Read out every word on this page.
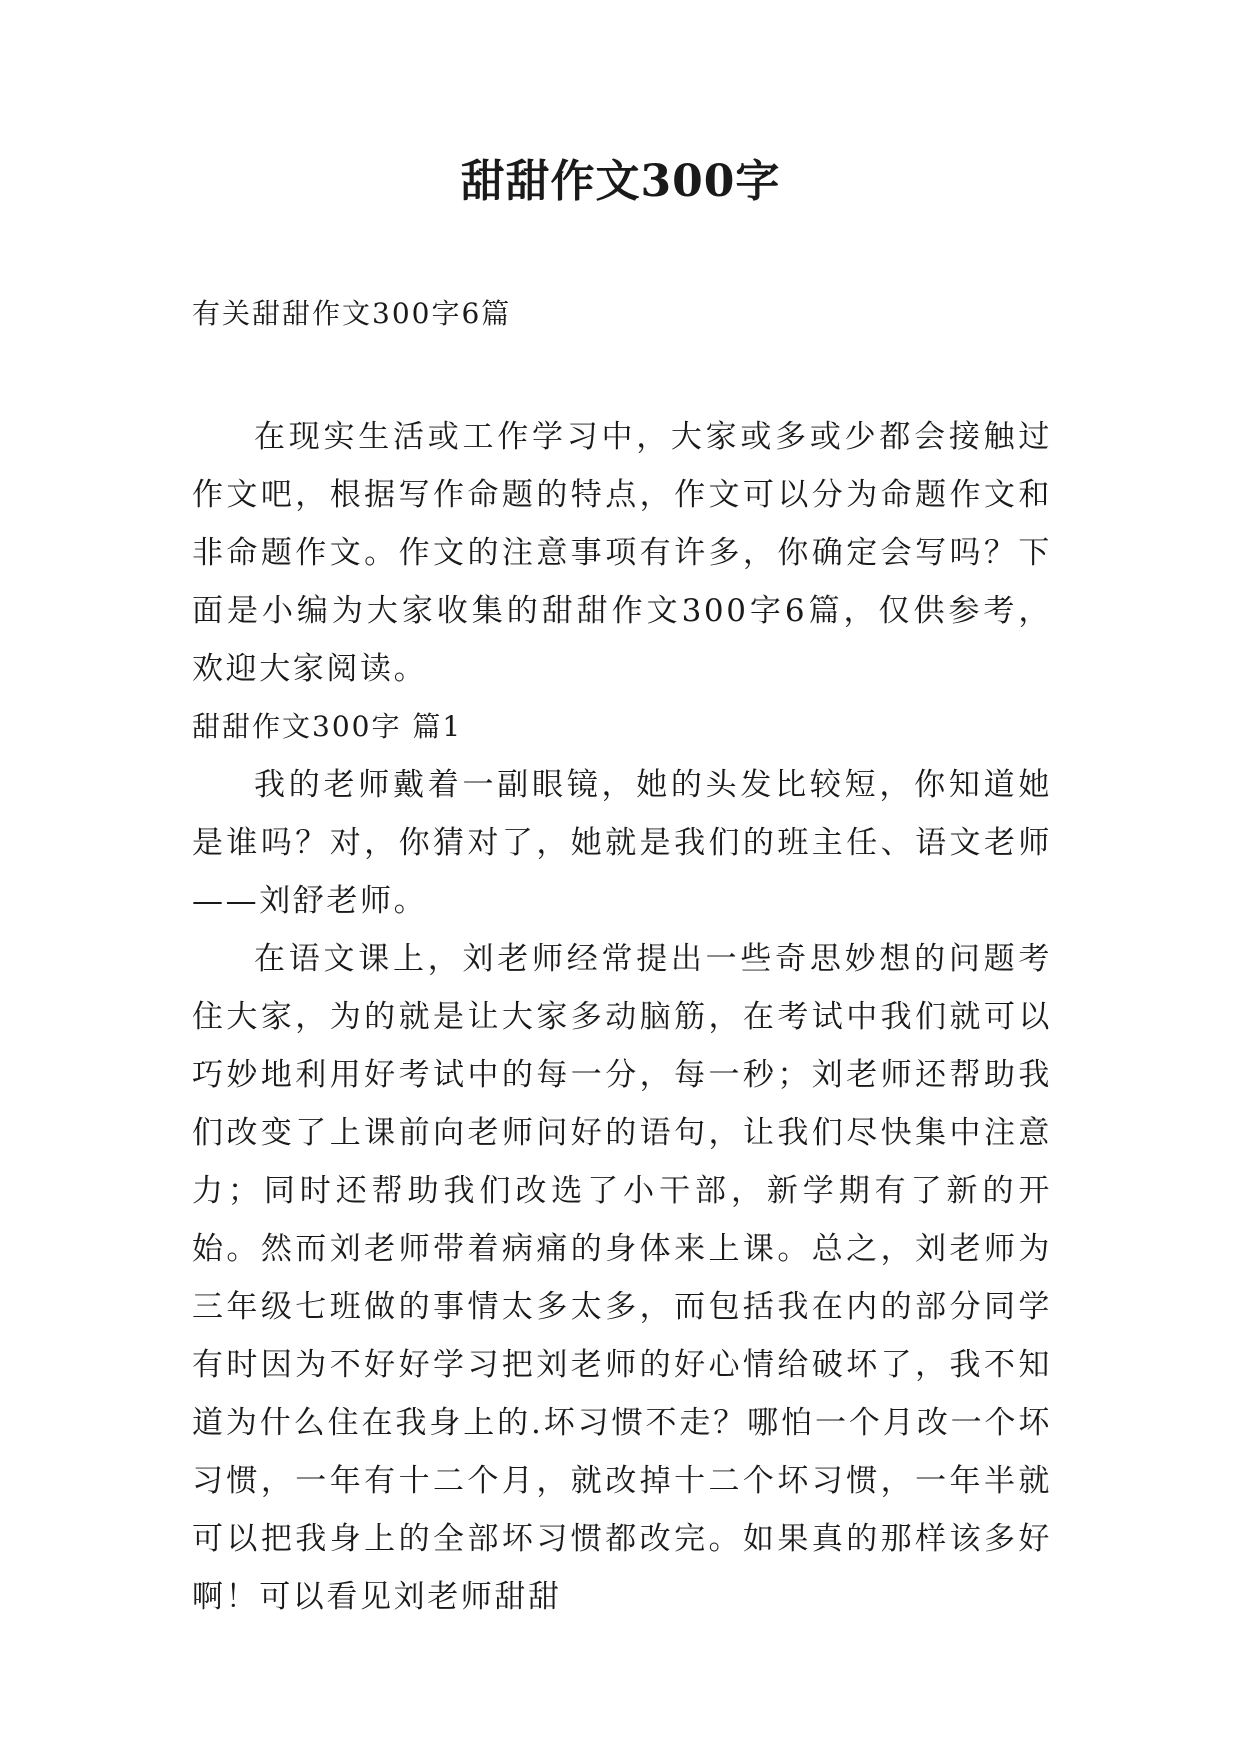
甜甜作文300字

有关甜甜作文300字6篇

在现实生活或工作学习中，大家或多或少都会接触过作文吧，根据写作命题的特点，作文可以分为命题作文和非命题作文。作文的注意事项有许多，你确定会写吗？下面是小编为大家收集的甜甜作文300字6篇，仅供参考，欢迎大家阅读。

甜甜作文300字 篇1

我的老师戴着一副眼镜，她的头发比较短，你知道她是谁吗？对，你猜对了，她就是我们的班主任、语文老师——刘舒老师。

在语文课上，刘老师经常提出一些奇思妙想的问题考住大家，为的就是让大家多动脑筋，在考试中我们就可以巧妙地利用好考试中的每一分，每一秒；刘老师还帮助我们改变了上课前向老师问好的语句，让我们尽快集中注意力；同时还帮助我们改选了小干部，新学期有了新的开始。然而刘老师带着病痛的身体来上课。总之，刘老师为三年级七班做的事情太多太多，而包括我在内的部分同学有时因为不好好学习把刘老师的好心情给破坏了，我不知道为什么住在我身上的.坏习惯不走？哪怕一个月改一个坏习惯，一年有十二个月，就改掉十二个坏习惯，一年半就可以把我身上的全部坏习惯都改完。如果真的那样该多好啊！可以看见刘老师甜甜
